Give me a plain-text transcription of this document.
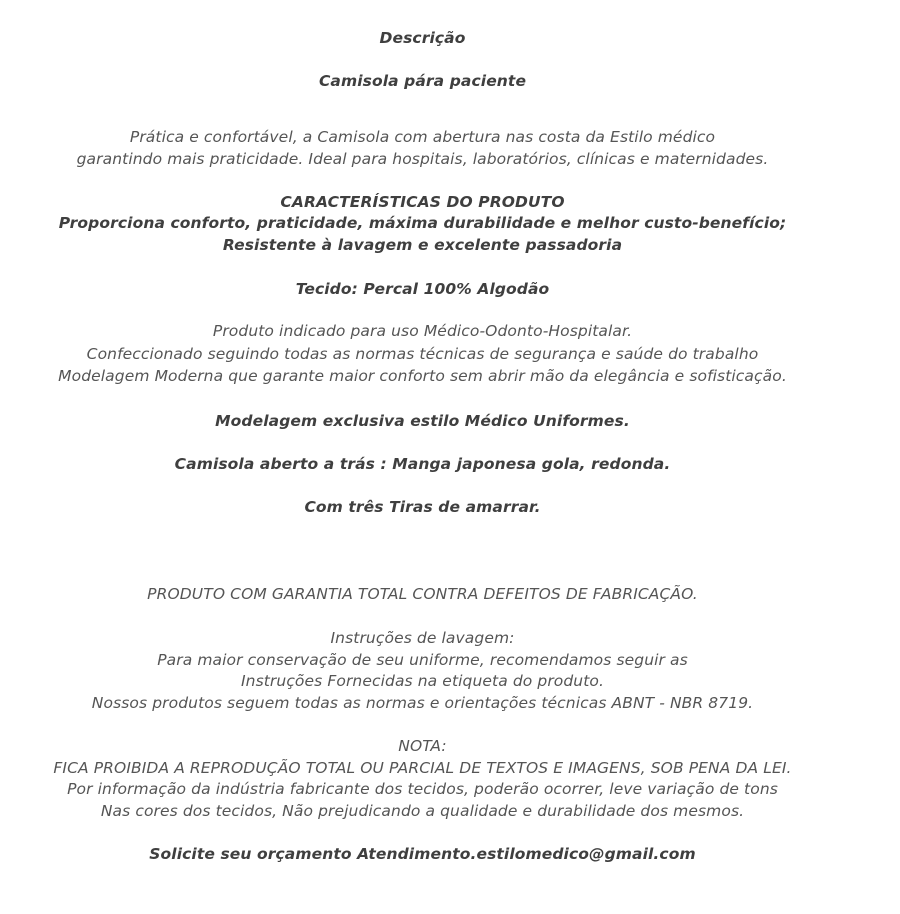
Descrição
Camisola pára paciente
Prática e confortável, a Camisola com abertura nas costa da Estilo médico
garantindo mais praticidade. Ideal para hospitais, laboratórios, clínicas e maternidades.
CARACTERÍSTICAS DO PRODUTO
Proporciona conforto, praticidade, máxima durabilidade e melhor custo-benefício;
Resistente à lavagem e excelente passadoria
Tecido: Percal 100% Algodão
Produto indicado para uso Médico-Odonto-Hospitalar.
Confeccionado seguindo todas as normas técnicas de segurança e saúde do trabalho
Modelagem Moderna que garante maior conforto sem abrir mão da elegância e sofisticação.
Modelagem exclusiva estilo Médico Uniformes.
Camisola aberto a trás : Manga japonesa gola, redonda.
Com três Tiras de amarrar.
PRODUTO COM GARANTIA TOTAL CONTRA DEFEITOS DE FABRICAÇÃO.
Instruções de lavagem:
Para maior conservação de seu uniforme, recomendamos seguir as
Instruções Fornecidas na etiqueta do produto.
Nossos produtos seguem todas as normas e orientações técnicas ABNT - NBR 8719.
NOTA:
FICA PROIBIDA A REPRODUÇÃO TOTAL OU PARCIAL DE TEXTOS E IMAGENS, SOB PENA DA LEI.
Por informação da indústria fabricante dos tecidos, poderão ocorrer, leve variação de tons
Nas cores dos tecidos, Não prejudicando a qualidade e durabilidade dos mesmos.
Solicite seu orçamento Atendimento.estilomedico@gmail.com
